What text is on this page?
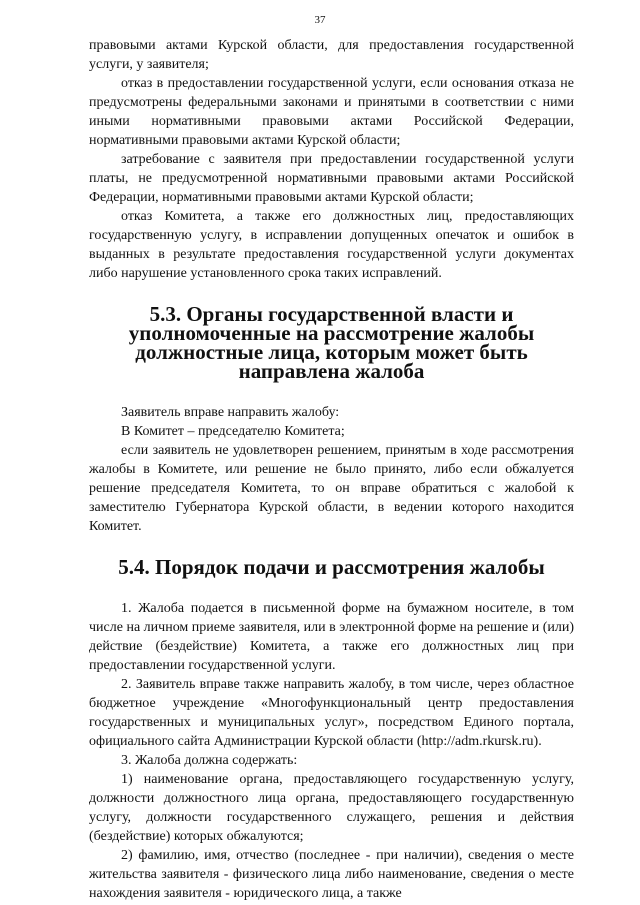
37

правовыми актами Курской области, для предоставления государственной услуги, у заявителя;

отказ в предоставлении государственной услуги, если основания отказа не предусмотрены федеральными законами и принятыми в соответствии с ними иными нормативными правовыми актами Российской Федерации, нормативными правовыми актами Курской области;

затребование с заявителя при предоставлении государственной услуги платы, не предусмотренной нормативными правовыми актами Российской Федерации, нормативными правовыми актами Курской области;

отказ Комитета, а также его должностных лиц, предоставляющих государственную услугу, в исправлении допущенных опечаток и ошибок в выданных в результате предоставления государственной услуги документах либо нарушение установленного срока таких исправлений.

5.3. Органы государственной власти и уполномоченные на рассмотрение жалобы должностные лица, которым может быть направлена жалоба

Заявитель вправе направить жалобу:

В Комитет – председателю Комитета;

если заявитель не удовлетворен решением, принятым в ходе рассмотрения жалобы в Комитете, или решение не было принято, либо если обжалуется решение председателя Комитета, то он вправе обратиться с жалобой к заместителю Губернатора Курской области, в ведении которого находится Комитет.

5.4. Порядок подачи и рассмотрения жалобы

1. Жалоба подается в письменной форме на бумажном носителе, в том числе на личном приеме заявителя, или в электронной форме на решение и (или) действие (бездействие) Комитета, а также его должностных лиц при предоставлении государственной услуги.

2. Заявитель вправе также направить жалобу, в том числе, через областное бюджетное учреждение «Многофункциональный центр предоставления государственных и муниципальных услуг», посредством Единого портала, официального сайта Администрации Курской области (http://adm.rkursk.ru).

3. Жалоба должна содержать:

1) наименование органа, предоставляющего государственную услугу, должности должностного лица органа, предоставляющего государственную услугу, должности государственного служащего, решения и действия (бездействие) которых обжалуются;

2) фамилию, имя, отчество (последнее - при наличии), сведения о месте жительства заявителя - физического лица либо наименование, сведения о месте нахождения заявителя - юридического лица, а также
